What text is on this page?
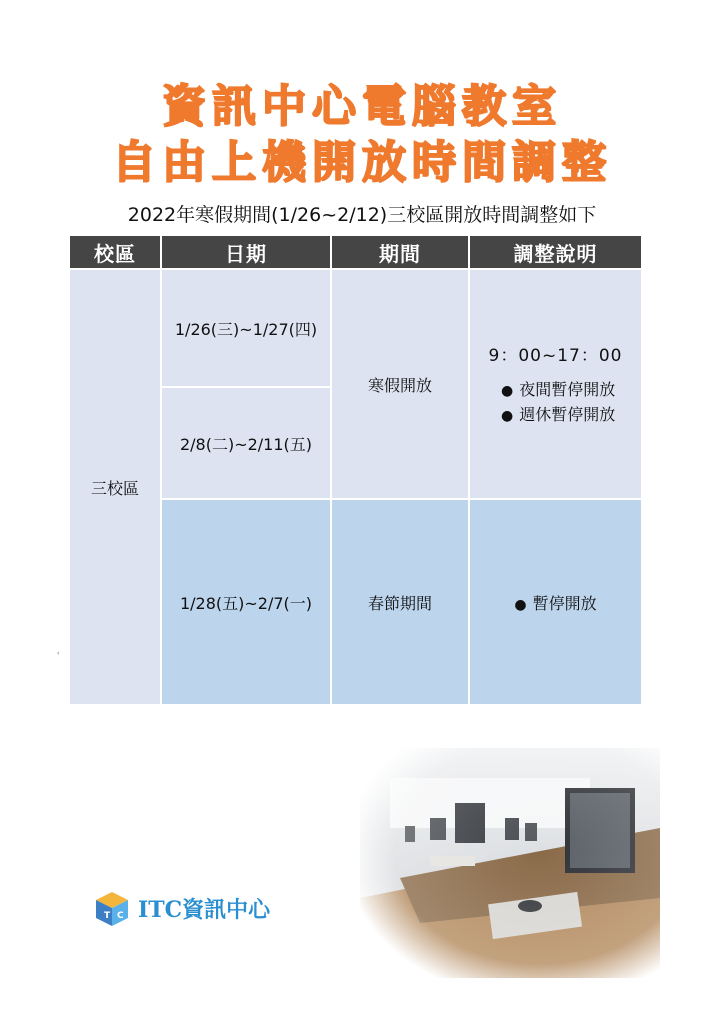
資訊中心電腦教室
自由上機開放時間調整
2022年寒假期間(1/26~2/12)三校區開放時間調整如下
校區	日期	期間	調整說明
三校區	1/26(三)~1/27(四)	寒假開放	9：00~17：00
● 夜間暫停開放
● 週休暫停開放

	2/8(二)~2/11(五)		
	1/28(五)~2/7(一)	春節期間	● 暫停開放
‹
T C ITC資訊中心
